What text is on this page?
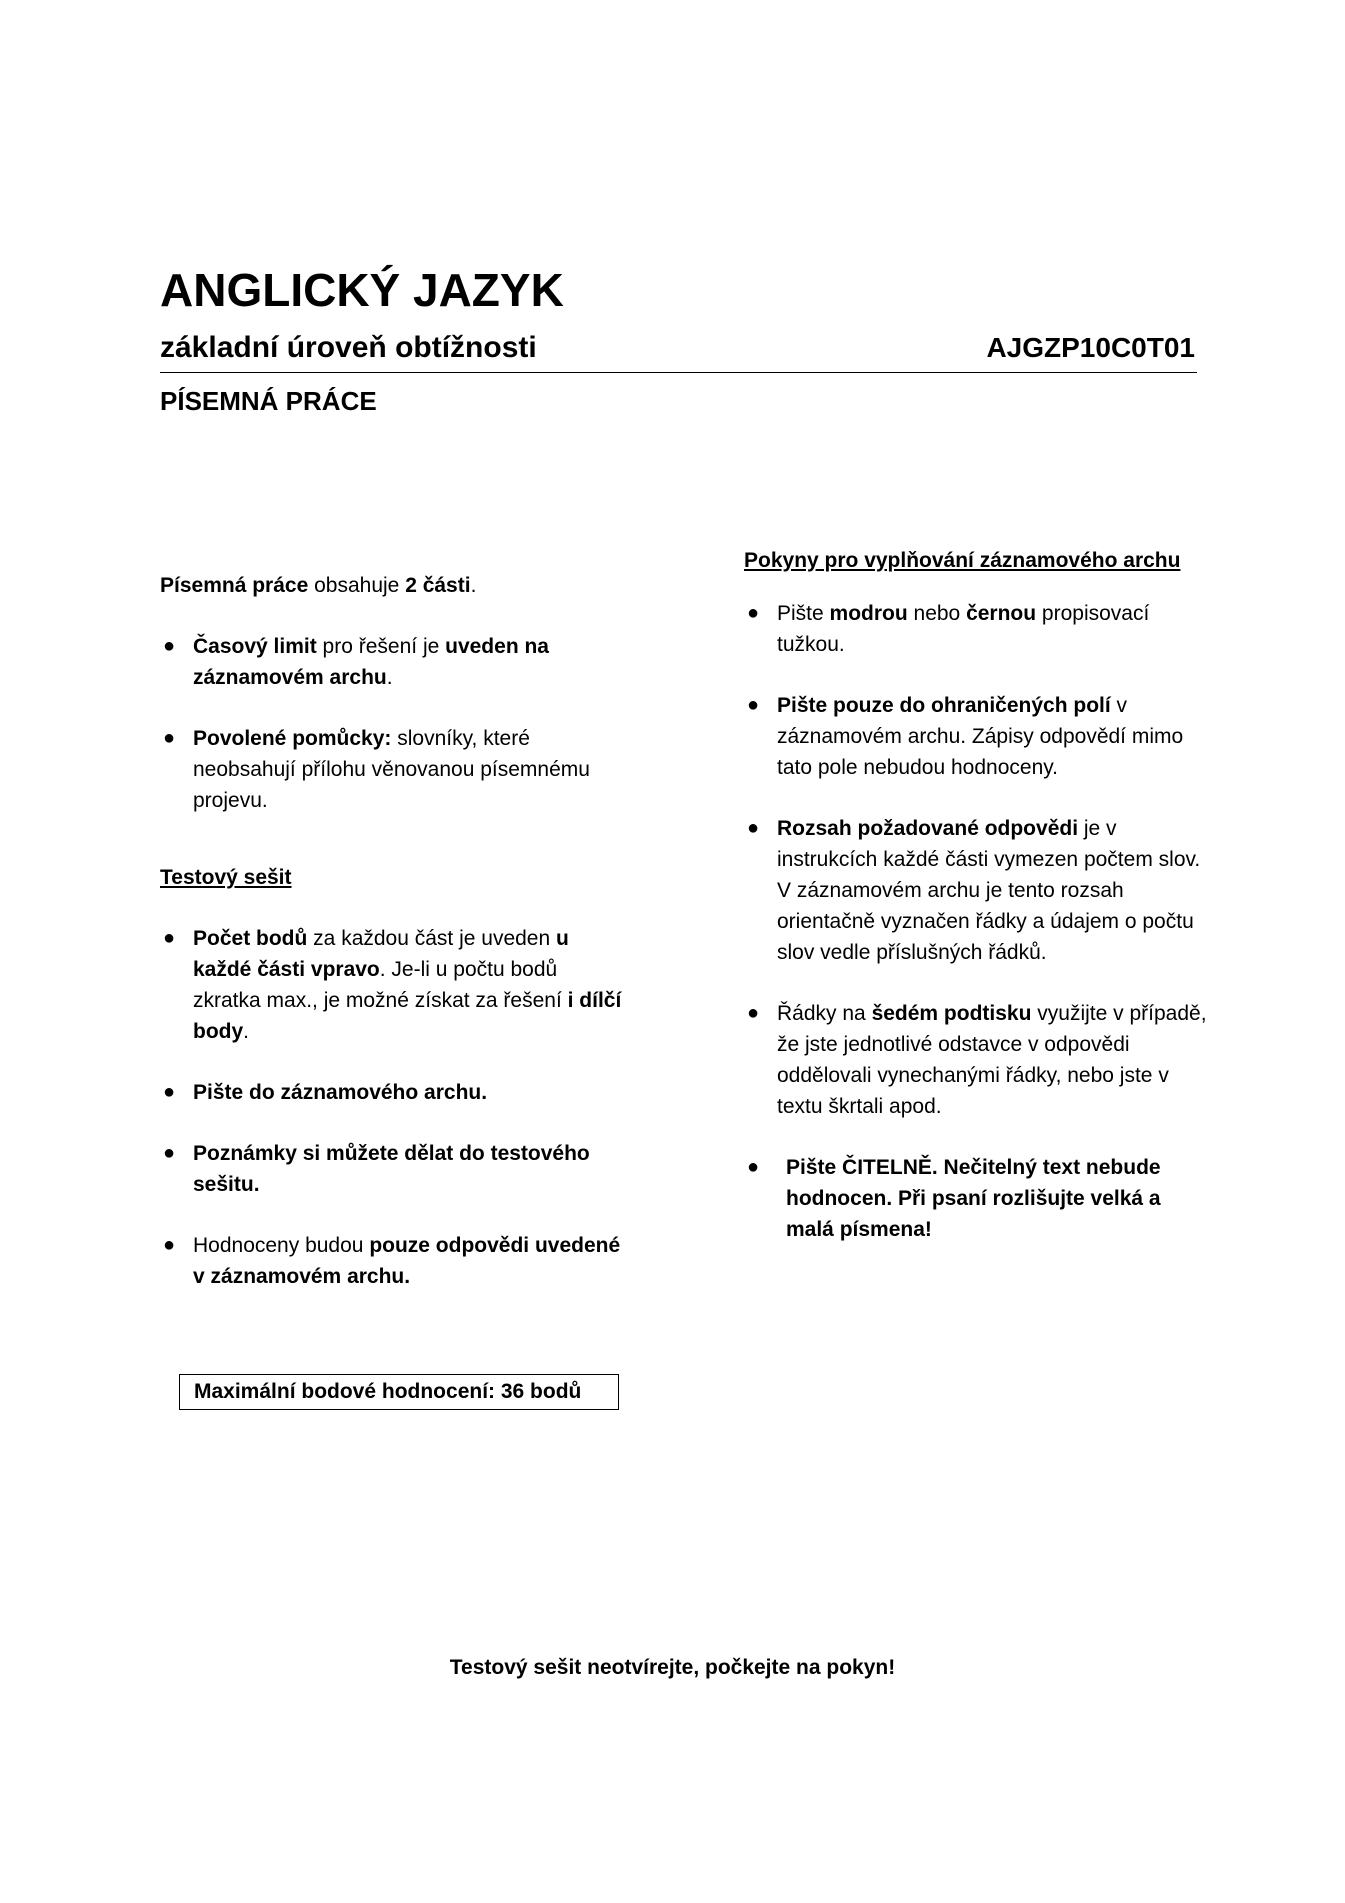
ANGLICKÝ JAZYK
základní úroveň obtížnosti	AJGZP10C0T01
PÍSEMNÁ PRÁCE

Písemná práce obsahuje 2 části.

● Časový limit pro řešení je uveden na záznamovém archu.
● Povolené pomůcky: slovníky, které neobsahují přílohu věnovanou písemnému projevu.

Testový sešit

● Počet bodů za každou část je uveden u každé části vpravo. Je-li u počtu bodů zkratka max., je možné získat za řešení i dílčí body.
● Pište do záznamového archu.
● Poznámky si můžete dělat do testového sešitu.
● Hodnoceny budou pouze odpovědi uvedené v záznamovém archu.

Pokyny pro vyplňování záznamového archu

● Pište modrou nebo černou propisovací tužkou.
● Pište pouze do ohraničených polí v záznamovém archu. Zápisy odpovědí mimo tato pole nebudou hodnoceny.
● Rozsah požadované odpovědi je v instrukcích každé části vymezen počtem slov. V záznamovém archu je tento rozsah orientačně vyznačen řádky a údajem o počtu slov vedle příslušných řádků.
● Řádky na šedém podtisku využijte v případě, že jste jednotlivé odstavce v odpovědi oddělovali vynechanými řádky, nebo jste v textu škrtali apod.
● Pište ČITELNĚ. Nečitelný text nebude hodnocen. Při psaní rozlišujte velká a malá písmena!
Maximální bodové hodnocení: 36 bodů
Testový sešit neotvírejte, počkejte na pokyn!
